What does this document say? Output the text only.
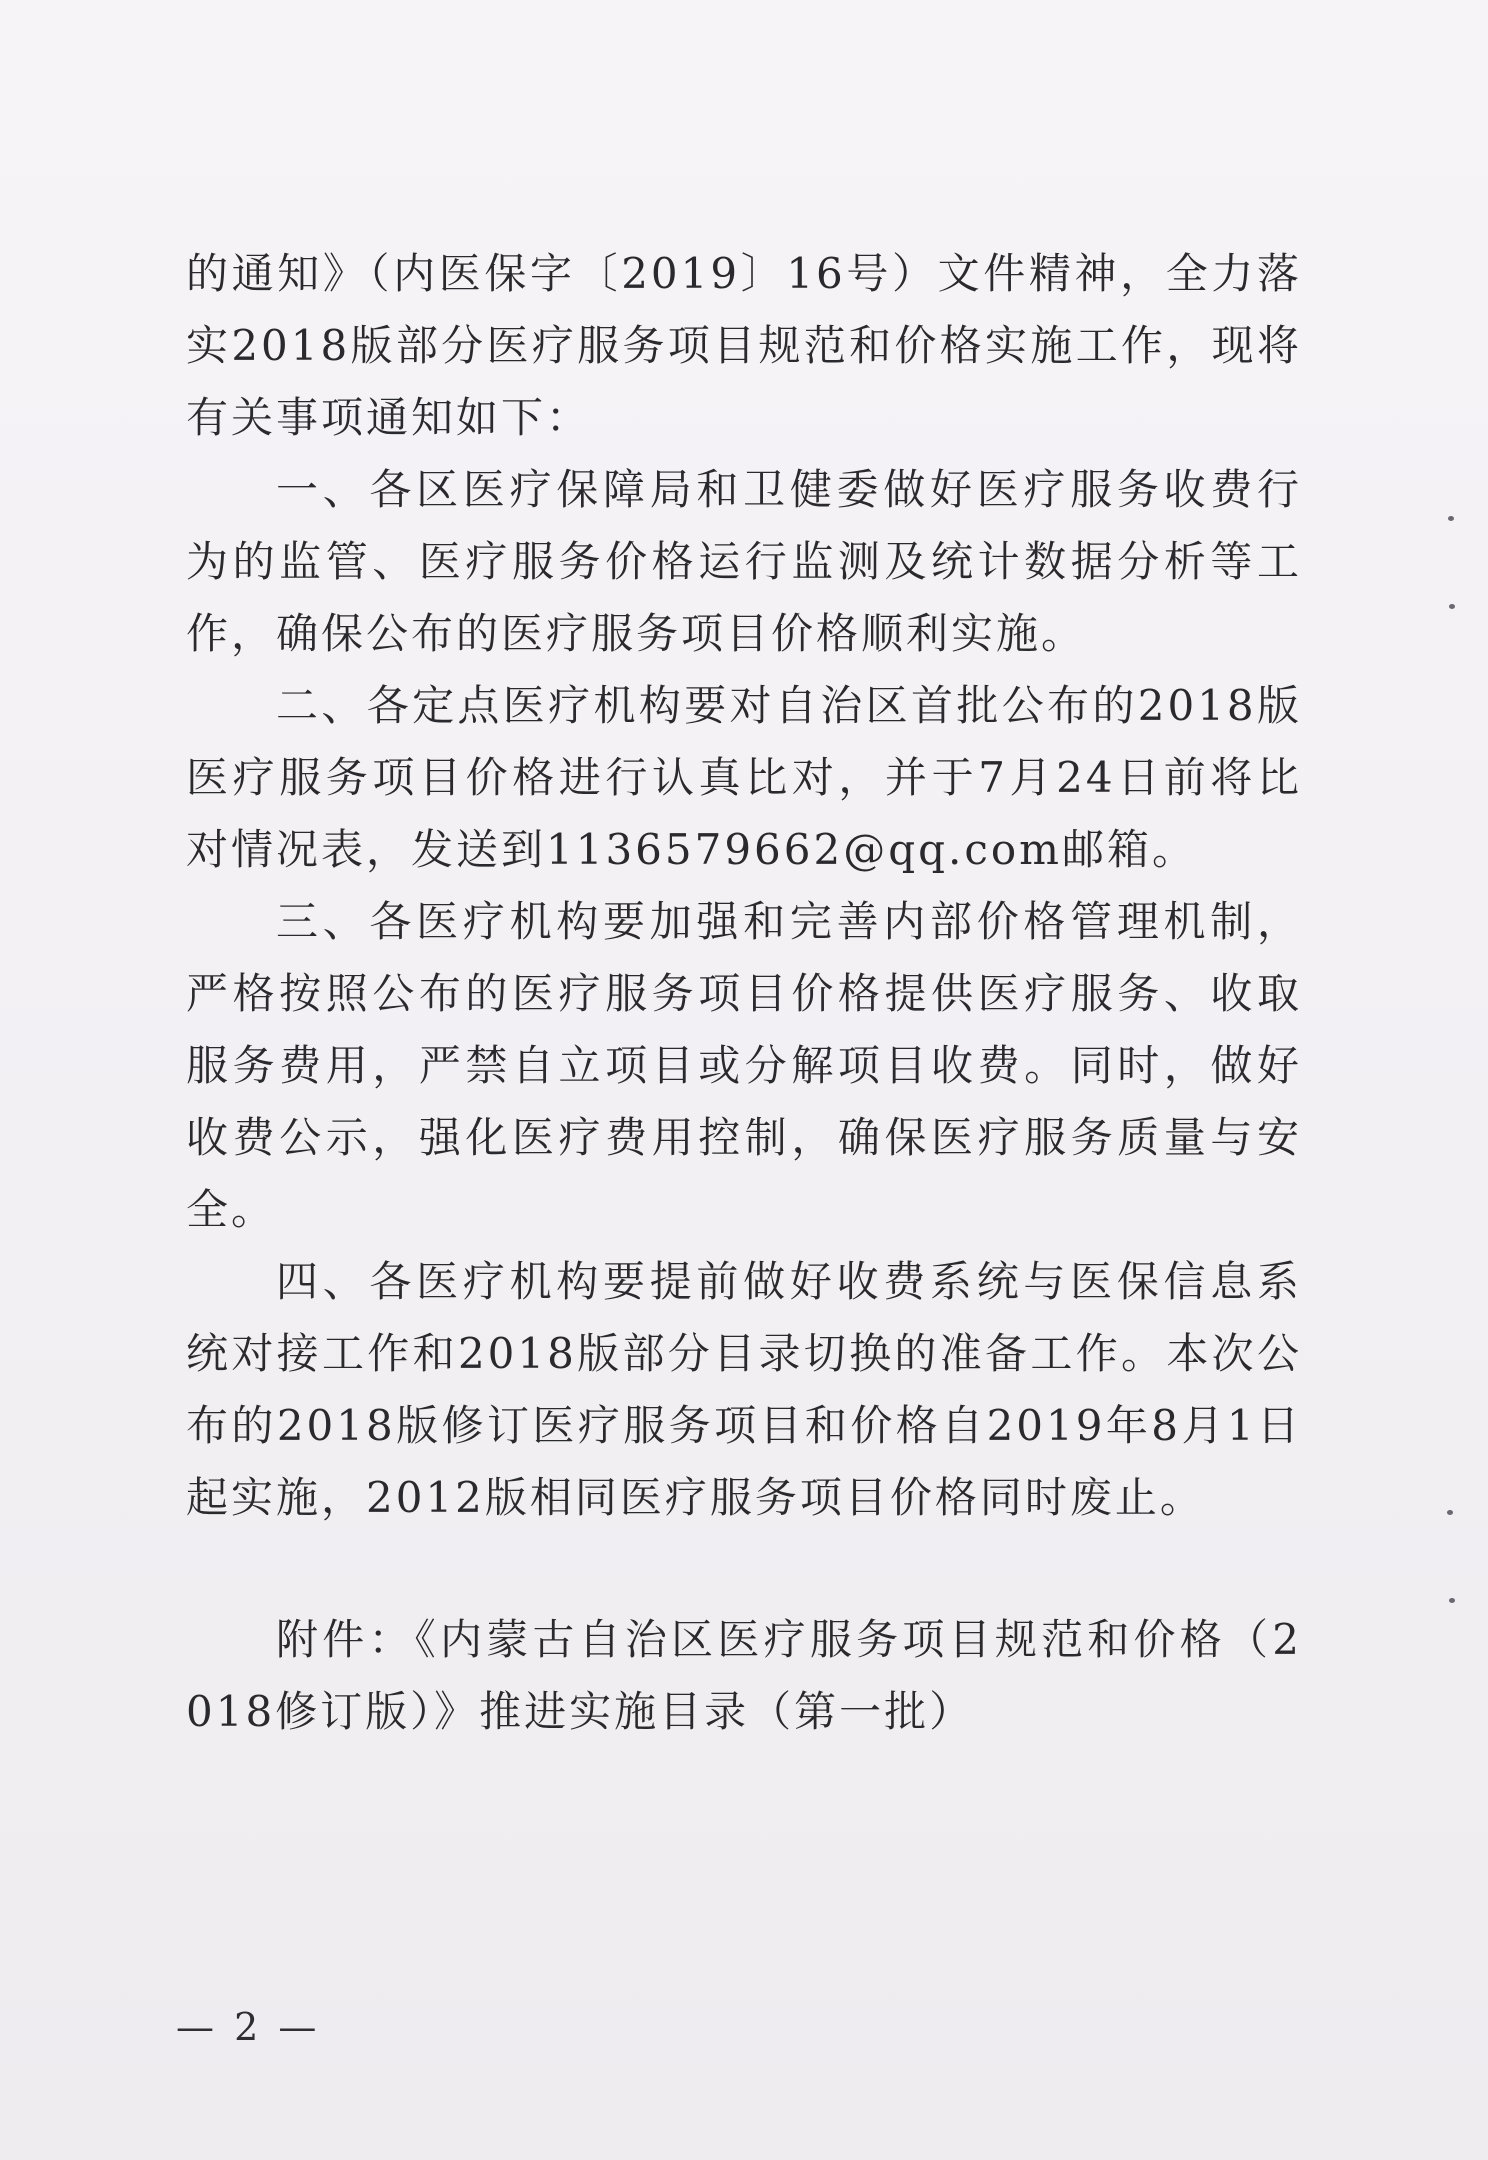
的通知》（内医保字〔2019〕16号）文件精神，全力落实2018版部分医疗服务项目规范和价格实施工作，现将有关事项通知如下：

一、各区医疗保障局和卫健委做好医疗服务收费行为的监管、医疗服务价格运行监测及统计数据分析等工作，确保公布的医疗服务项目价格顺利实施。

二、各定点医疗机构要对自治区首批公布的2018版医疗服务项目价格进行认真比对，并于7月24日前将比对情况表，发送到1136579662@qq.com邮箱。

三、各医疗机构要加强和完善内部价格管理机制，严格按照公布的医疗服务项目价格提供医疗服务、收取服务费用，严禁自立项目或分解项目收费。同时，做好收费公示，强化医疗费用控制，确保医疗服务质量与安全。

四、各医疗机构要提前做好收费系统与医保信息系统对接工作和2018版部分目录切换的准备工作。本次公布的2018版修订医疗服务项目和价格自2019年8月1日起实施，2012版相同医疗服务项目价格同时废止。

附件：《内蒙古自治区医疗服务项目规范和价格（2018修订版）》推进实施目录（第一批）

— 2 —
